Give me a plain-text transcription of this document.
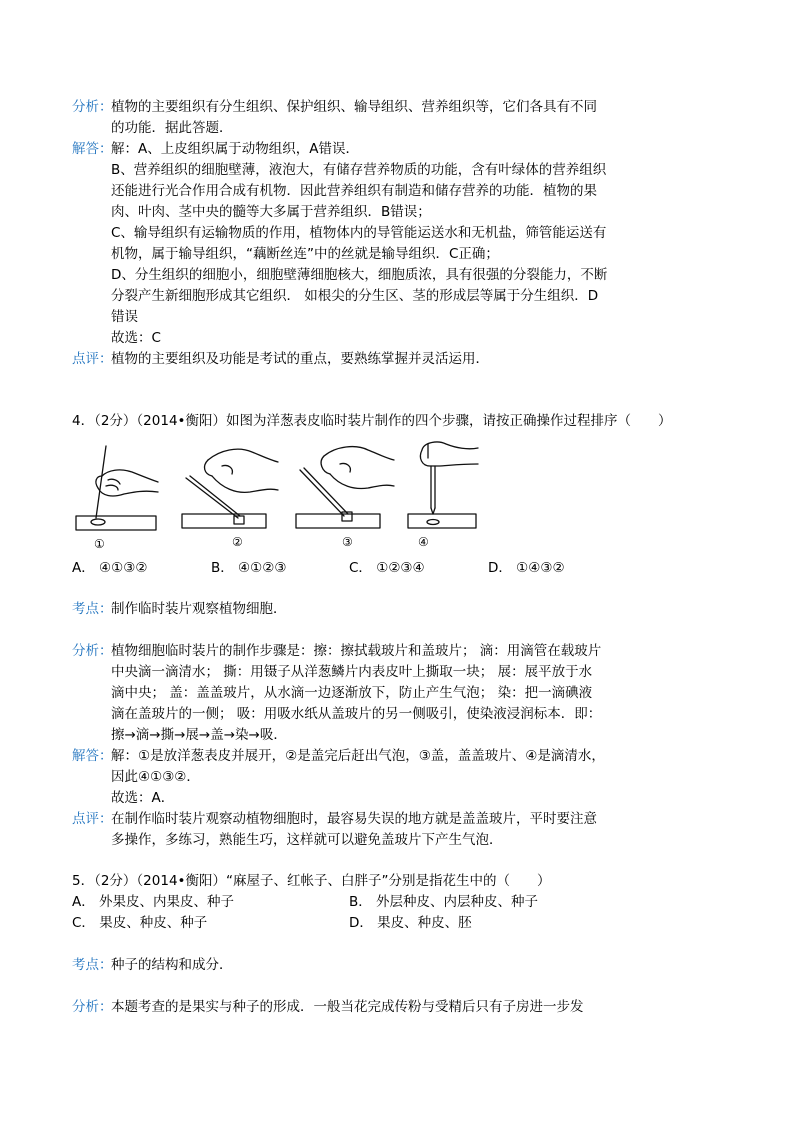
分析：
植物的主要组织有分生组织、保护组织、输导组织、营养组织等，它们各具有不同
的功能．据此答题．
解答：
解：A、上皮组织属于动物组织，A错误．
B、营养组织的细胞壁薄，液泡大，有储存营养物质的功能，含有叶绿体的营养组织
还能进行光合作用合成有机物．因此营养组织有制造和储存营养的功能．植物的果
肉、叶肉、茎中央的髓等大多属于营养组织．B错误；
C、输导组织有运输物质的作用，植物体内的导管能运送水和无机盐，筛管能运送有
机物，属于输导组织，“藕断丝连”中的丝就是输导组织．C正确；
D、分生组织的细胞小，细胞壁薄细胞核大，细胞质浓，具有很强的分裂能力，不断
分裂产生新细胞形成其它组织． 如根尖的分生区、茎的形成层等属于分生组织．D
错误
故选：C
点评：
植物的主要组织及功能是考试的重点，要熟练掌握并灵活运用．
4．（2分）（2014•衡阳）如图为洋葱表皮临时装片制作的四个步骤，请按正确操作过程排序（　　）
①	②	③	④
A． ④①③②	B． ④①②③	C． ①②③④	D． ①④③②
考点：
制作临时装片观察植物细胞．
分析：
植物细胞临时装片的制作步骤是：擦：擦拭载玻片和盖玻片； 滴：用滴管在载玻片
中央滴一滴清水； 撕：用镊子从洋葱鳞片内表皮叶上撕取一块； 展：展平放于水
滴中央； 盖：盖盖玻片，从水滴一边逐渐放下，防止产生气泡； 染：把一滴碘液
滴在盖玻片的一侧； 吸：用吸水纸从盖玻片的另一侧吸引，使染液浸润标本．即：
擦→滴→撕→展→盖→染→吸．
解答：
解：①是放洋葱表皮并展开，②是盖完后赶出气泡，③盖，盖盖玻片、④是滴清水，
因此④①③②．
故选：A．
点评：
在制作临时装片观察动植物细胞时，最容易失误的地方就是盖盖玻片，平时要注意
多操作，多练习，熟能生巧，这样就可以避免盖玻片下产生气泡．
5．（2分）（2014•衡阳）“麻屋子、红帐子、白胖子”分别是指花生中的（　　）
A． 外果皮、内果皮、种子	B． 外层种皮、内层种皮、种子
C． 果皮、种皮、种子	D． 果皮、种皮、胚
考点：
种子的结构和成分．
分析：
本题考查的是果实与种子的形成．一般当花完成传粉与受精后只有子房进一步发
